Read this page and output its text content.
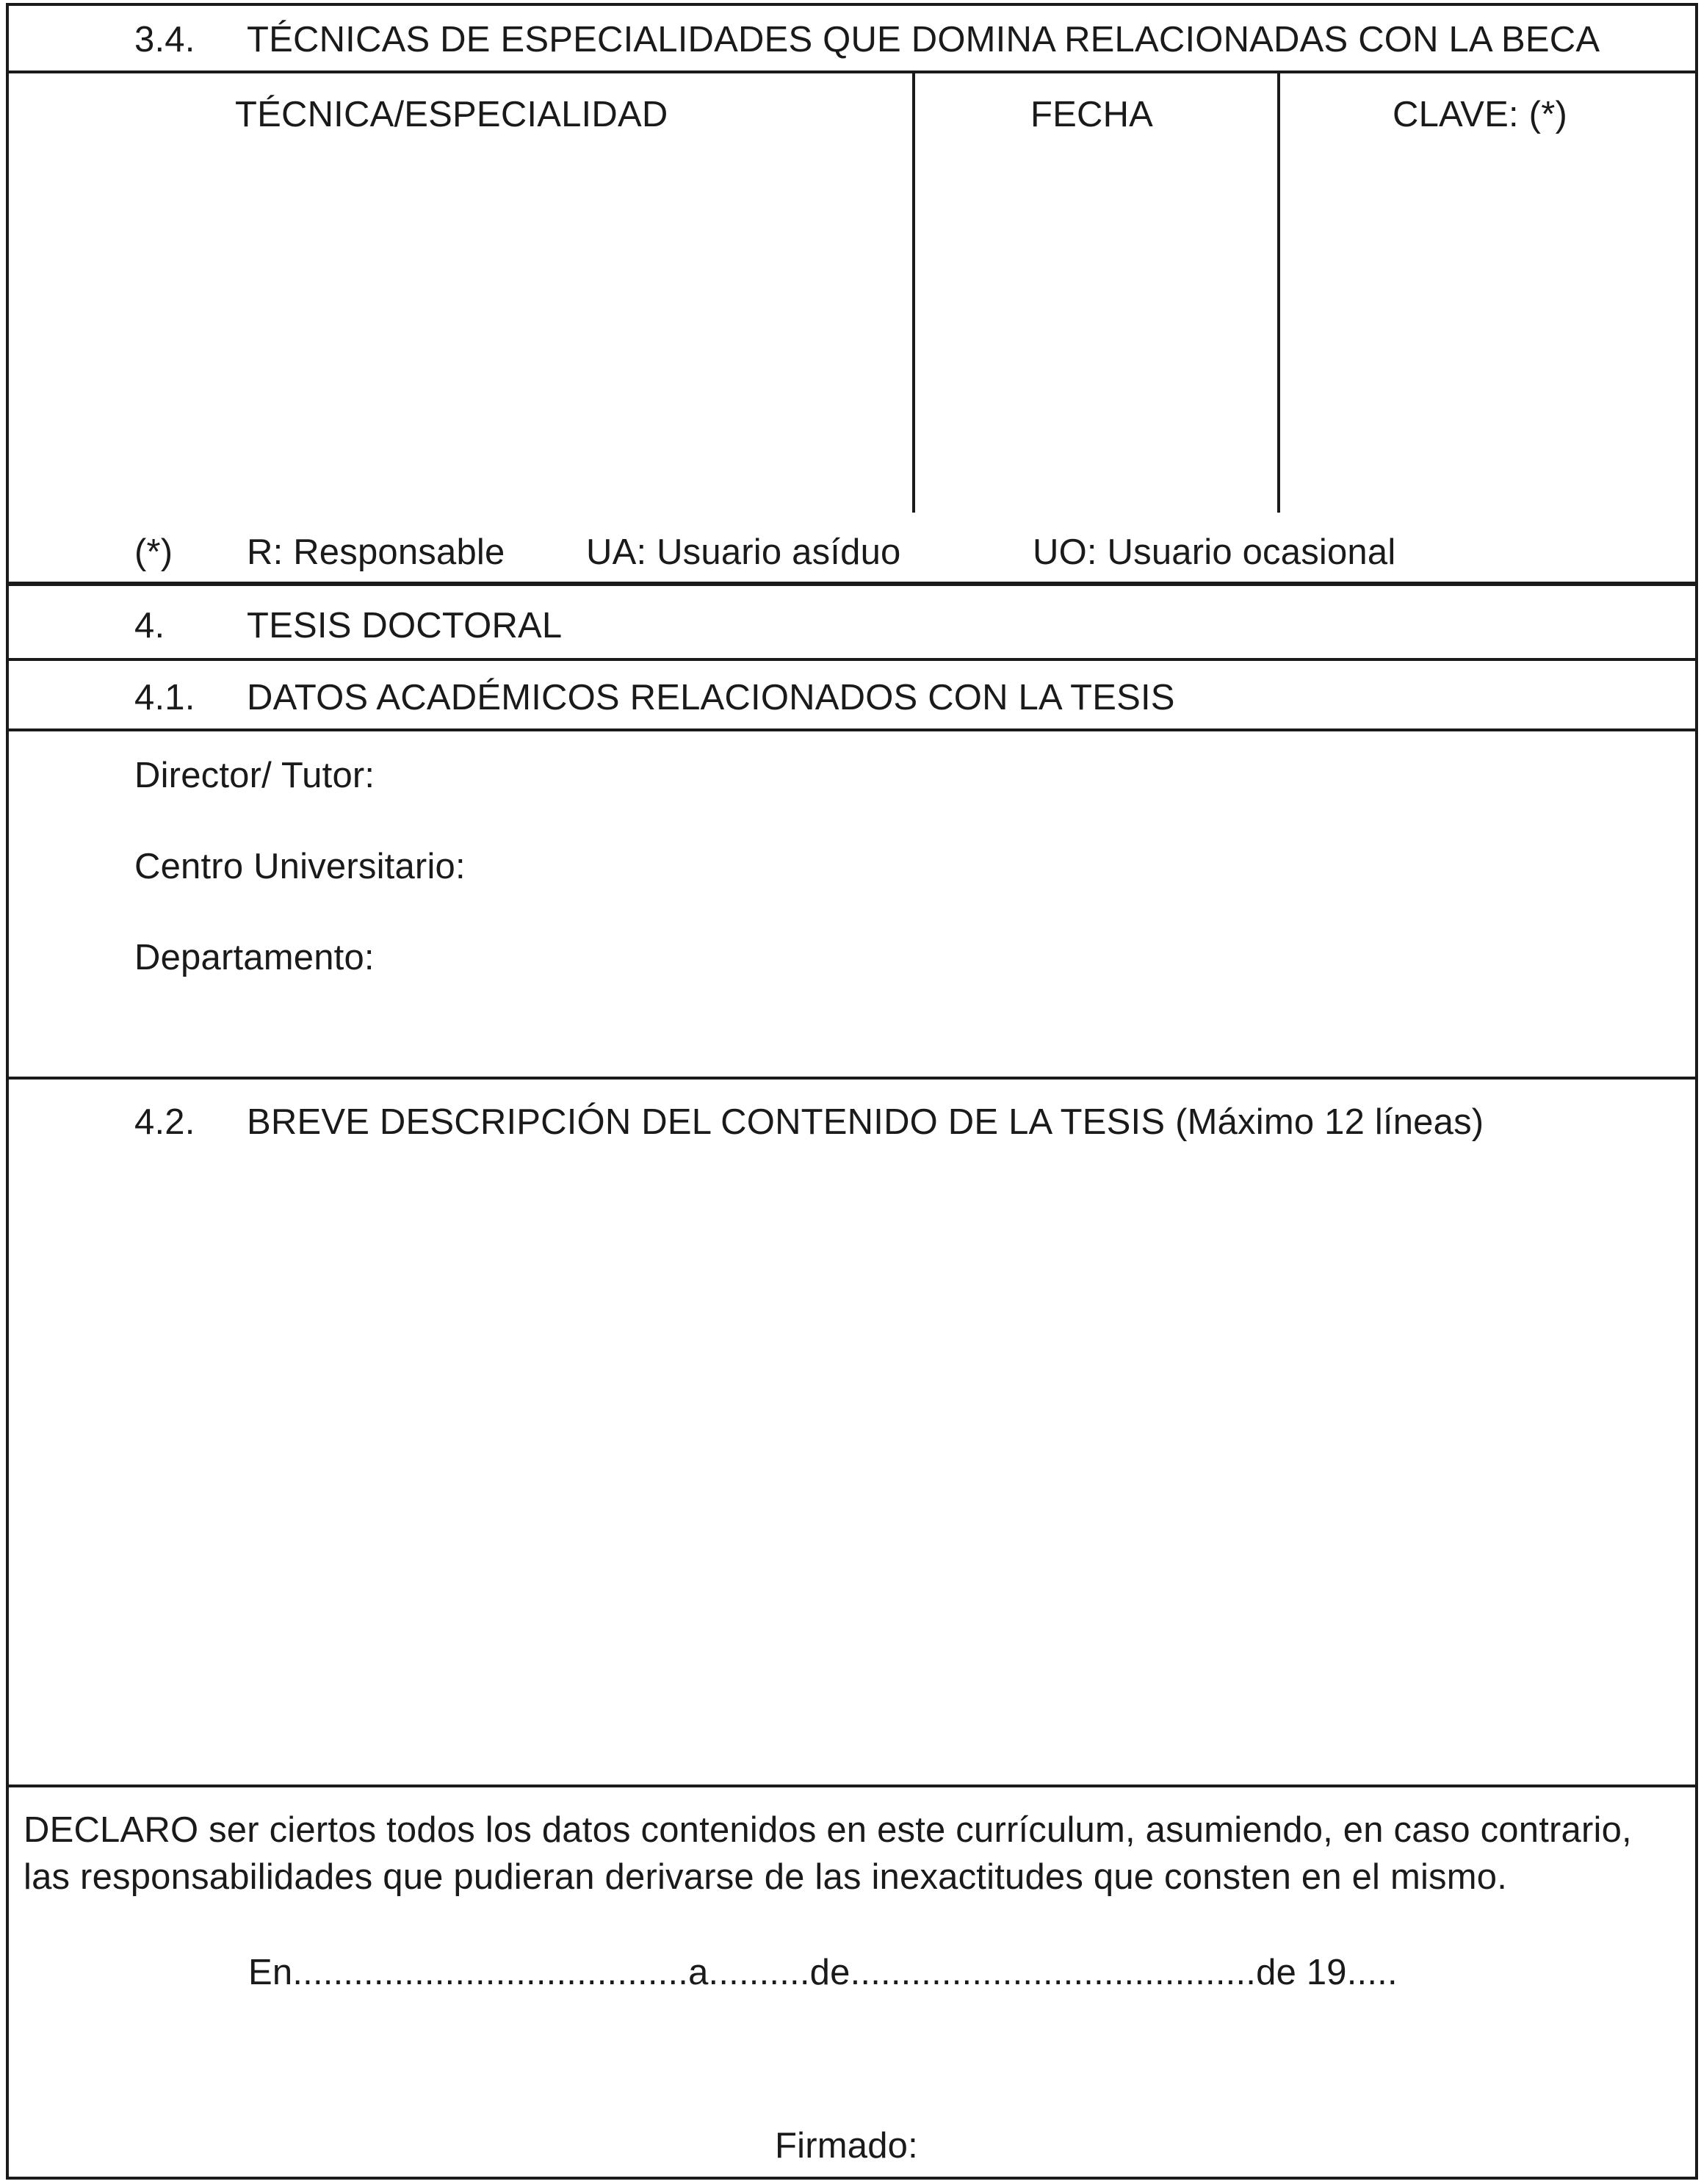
3.4.	TÉCNICAS DE ESPECIALIDADES QUE DOMINA RELACIONADAS CON LA BECA
TÉCNICA/ESPECIALIDAD	FECHA	CLAVE: (*)
(*) R: Responsable UA: Usuario asíduo	UO: Usuario ocasional
4.	TESIS DOCTORAL
4.1.	DATOS ACADÉMICOS RELACIONADOS CON LA TESIS
Director/ Tutor:
Centro Universitario:
Departamento:
4.2.	BREVE DESCRIPCIÓN DEL CONTENIDO DE LA TESIS (Máximo 12 líneas)
DECLARO ser ciertos todos los datos contenidos en este currículum, asumiendo, en caso contrario,
las responsabilidades que pudieran derivarse de las inexactitudes que consten en el mismo.
En.......................................a..........de........................................de 19.....
Firmado:
